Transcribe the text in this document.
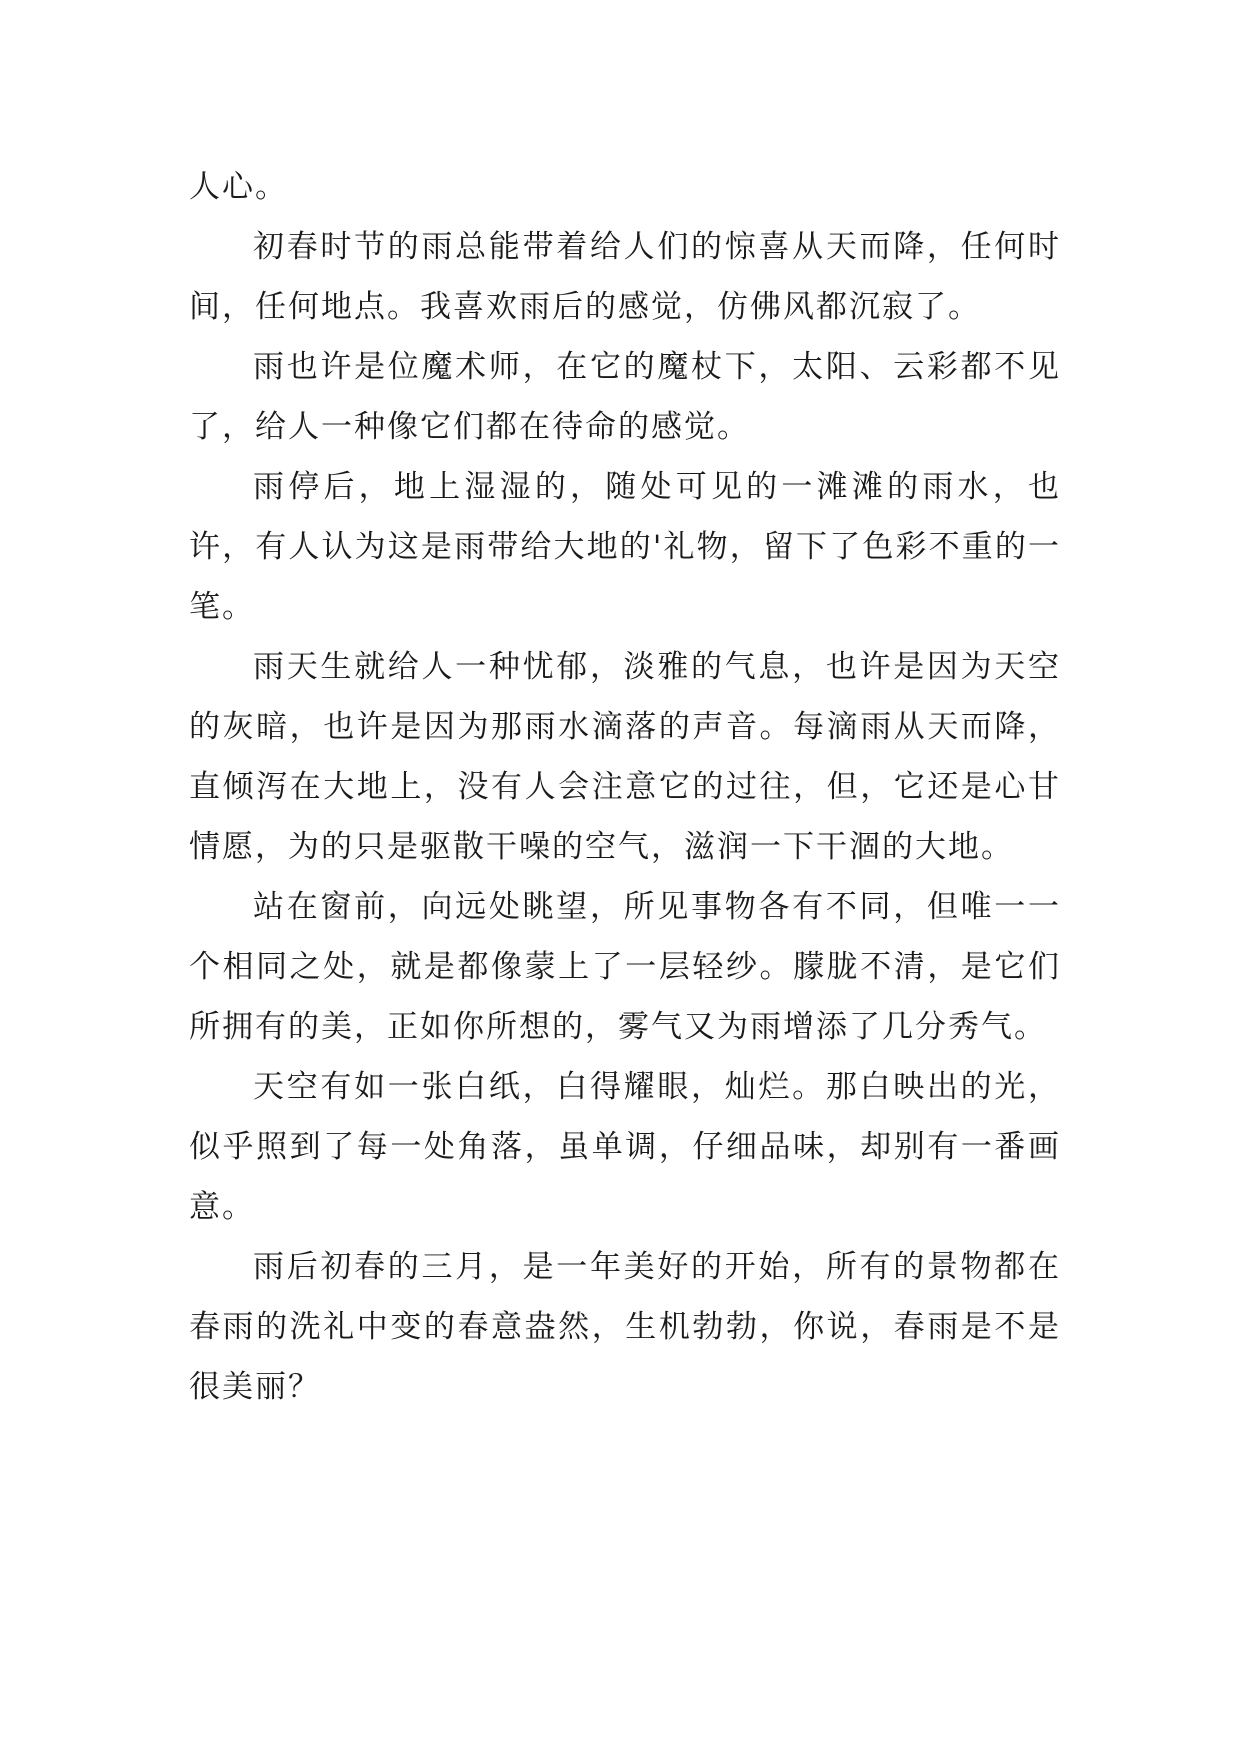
人心。

初春时节的雨总能带着给人们的惊喜从天而降，任何时间，任何地点。我喜欢雨后的感觉，仿佛风都沉寂了。

雨也许是位魔术师，在它的魔杖下，太阳、云彩都不见了，给人一种像它们都在待命的感觉。

雨停后，地上湿湿的，随处可见的一滩滩的雨水，也许，有人认为这是雨带给大地的'礼物，留下了色彩不重的一笔。

雨天生就给人一种忧郁，淡雅的气息，也许是因为天空的灰暗，也许是因为那雨水滴落的声音。每滴雨从天而降，直倾泻在大地上，没有人会注意它的过往，但，它还是心甘情愿，为的只是驱散干噪的空气，滋润一下干涸的大地。

站在窗前，向远处眺望，所见事物各有不同，但唯一一个相同之处，就是都像蒙上了一层轻纱。朦胧不清，是它们所拥有的美，正如你所想的，雾气又为雨增添了几分秀气。

天空有如一张白纸，白得耀眼，灿烂。那白映出的光，似乎照到了每一处角落，虽单调，仔细品味，却别有一番画意。

雨后初春的三月，是一年美好的开始，所有的景物都在春雨的洗礼中变的春意盎然，生机勃勃，你说，春雨是不是很美丽？
